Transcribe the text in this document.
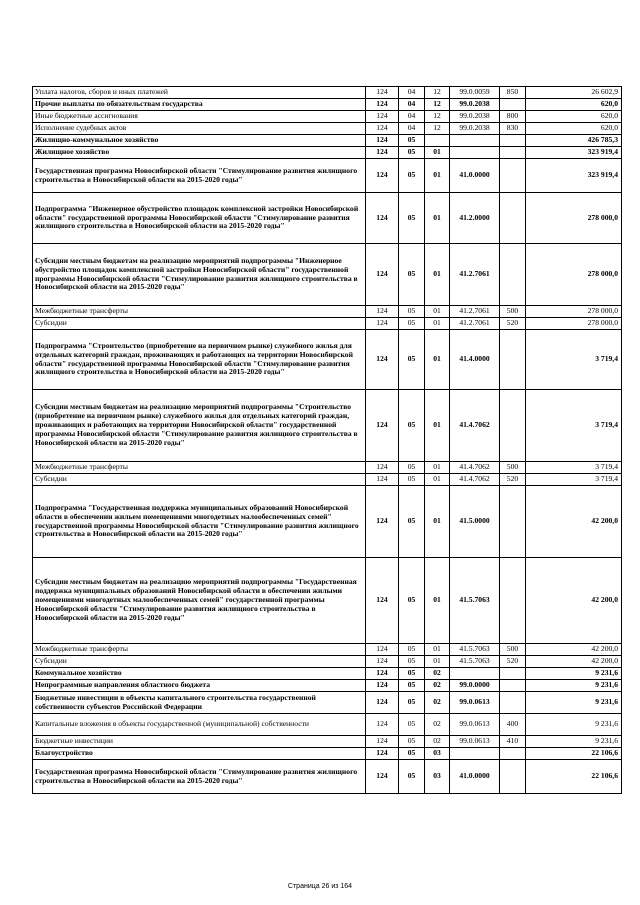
Уплата налогов, сборов и иных платежей	124	04	12	99.0.0059	850	26 602,9
Прочие выплаты по обязательствам государства	124	04	12	99.0.2038		620,0
Иные бюджетные ассигнования	124	04	12	99.0.2038	800	620,0
Исполнение судебных актов	124	04	12	99.0.2038	830	620,0
Жилищно-коммунальное хозяйство	124	05				426 785,3
Жилищное хозяйство	124	05	01			323 919,4
Государственная программа Новосибирской области "Стимулирование развития жилищного строительства в Новосибирской области на 2015-2020 годы"	124	05	01	41.0.0000		323 919,4
Подпрограмма "Инженерное обустройство площадок комплексной застройки Новосибирской области" государственной программы Новосибирской области "Стимулирование развития жилищного строительства в Новосибирской области на 2015-2020 годы"	124	05	01	41.2.0000		278 000,0
Субсидии местным бюджетам на реализацию мероприятий подпрограммы "Инженерное обустройство площадок комплексной застройки Новосибирской области" государственной программы Новосибирской области "Стимулирование развития жилищного строительства в Новосибирской области на 2015-2020 годы"	124	05	01	41.2.7061		278 000,0
Межбюджетные трансферты	124	05	01	41.2.7061	500	278 000,0
Субсидии	124	05	01	41.2.7061	520	278 000,0
Подпрограмма "Строительство (приобретение на первичном рынке) служебного жилья для отдельных категорий граждан, проживающих и работающих на территории Новосибирской области" государственной программы Новосибирской области "Стимулирование развития жилищного строительства в Новосибирской области на 2015-2020 годы"	124	05	01	41.4.0000		3 719,4
Субсидии местным бюджетам на реализацию мероприятий подпрограммы "Строительство (приобретение на первичном рынке) служебного жилья для отдельных категорий граждан, проживающих и работающих на территории Новосибирской области" государственной программы Новосибирской области "Стимулирование развития жилищного строительства в Новосибирской области на 2015-2020 годы"	124	05	01	41.4.7062		3 719,4
Межбюджетные трансферты	124	05	01	41.4.7062	500	3 719,4
Субсидии	124	05	01	41.4.7062	520	3 719,4
Подпрограмма "Государственная поддержка муниципальных образований Новосибирской области в обеспечении жильем помещениями многодетных малообеспеченных семей" государственной программы Новосибирской области "Стимулирование развития жилищного строительства в Новосибирской области на 2015-2020 годы"	124	05	01	41.5.0000		42 200,0
Субсидии местным бюджетам на реализацию мероприятий подпрограммы "Государственная поддержка муниципальных образований Новосибирской области в обеспечении жилыми помещениями многодетных малообеспеченных семей" государственной программы Новосибирской области "Стимулирование развития жилищного строительства в Новосибирской области на 2015-2020 годы"	124	05	01	41.5.7063		42 200,0
Межбюджетные трансферты	124	05	01	41.5.7063	500	42 200,0
Субсидии	124	05	01	41.5.7063	520	42 200,0
Коммунальное хозяйство	124	05	02			9 231,6
Непрограммные направления областного бюджета	124	05	02	99.0.0000		9 231,6
Бюджетные инвестиции в объекты капитального строительства государственной собственности субъектов Российской Федерации	124	05	02	99.0.0613		9 231,6
Капитальные вложения в объекты государственной (муниципальной) собственности	124	05	02	99.0.0613	400	9 231,6
Бюджетные инвестиции	124	05	02	99.0.0613	410	9 231,6
Благоустройство	124	05	03			22 106,6
Государственная программа Новосибирской области "Стимулирование развития жилищного строительства в Новосибирской области на 2015-2020 годы"	124	05	03	41.0.0000		22 106,6
Страница 26 из 164
